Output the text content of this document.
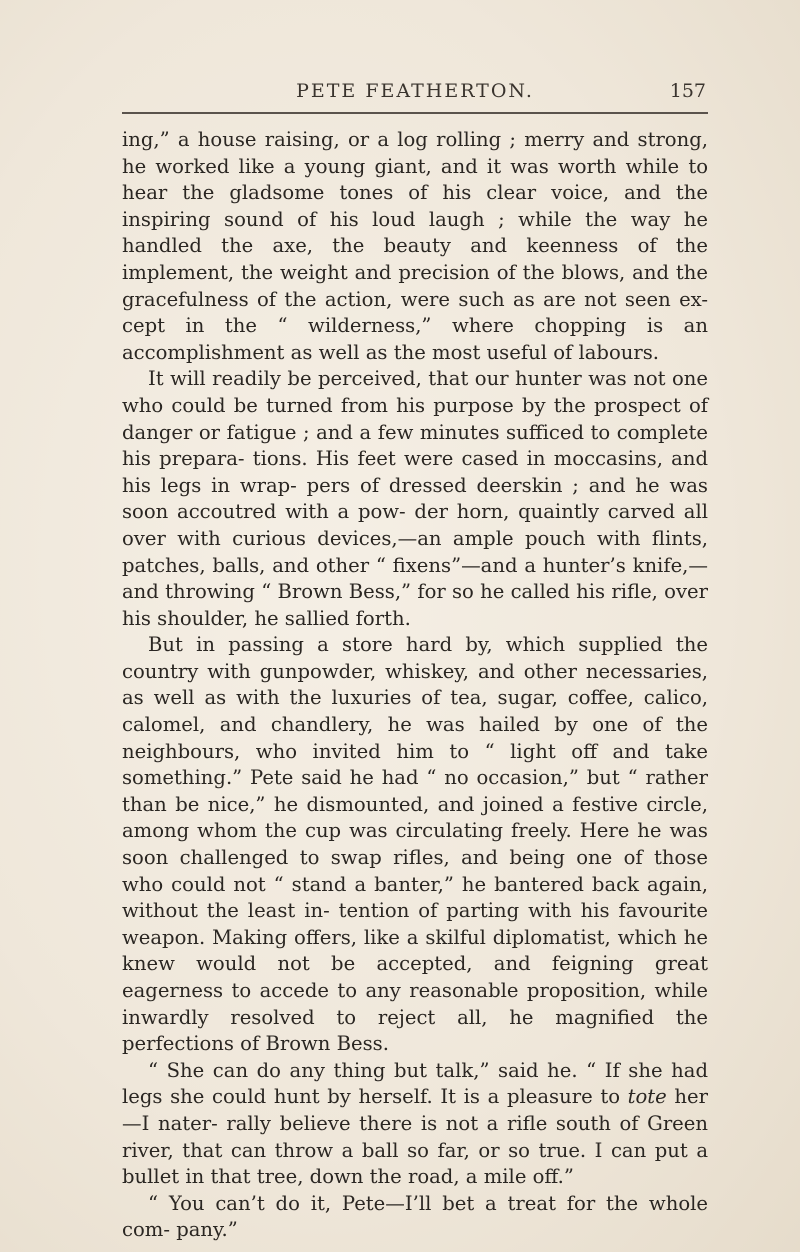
PETE FEATHERTON.	157

ing,” a house raising, or a log rolling ; merry and strong, he worked like a young giant, and it was worth while to hear the gladsome tones of his clear voice, and the inspiring sound of his loud laugh ; while the way he handled the axe, the beauty and keenness of the implement, the weight and precision of the blows, and the gracefulness of the action, were such as are not seen ex- cept in the “ wilderness,” where chopping is an accomplishment as well as the most useful of labours.

It will readily be perceived, that our hunter was not one who could be turned from his purpose by the prospect of danger or fatigue ; and a few minutes sufficed to complete his prepara- tions. His feet were cased in moccasins, and his legs in wrap- pers of dressed deerskin ; and he was soon accoutred with a pow- der horn, quaintly carved all over with curious devices,—an ample pouch with flints, patches, balls, and other “ fixens”—and a hunter’s knife,—and throwing “ Brown Bess,” for so he called his rifle, over his shoulder, he sallied forth.

But in passing a store hard by, which supplied the country with gunpowder, whiskey, and other necessaries, as well as with the luxuries of tea, sugar, coffee, calico, calomel, and chandlery, he was hailed by one of the neighbours, who invited him to “ light off and take something.” Pete said he had “ no occasion,” but “ rather than be nice,” he dismounted, and joined a festive circle, among whom the cup was circulating freely. Here he was soon challenged to swap rifles, and being one of those who could not “ stand a banter,” he bantered back again, without the least in- tention of parting with his favourite weapon. Making offers, like a skilful diplomatist, which he knew would not be accepted, and feigning great eagerness to accede to any reasonable proposition, while inwardly resolved to reject all, he magnified the perfections of Brown Bess.

“ She can do any thing but talk,” said he. “ If she had legs she could hunt by herself. It is a pleasure to tote her—I nater- rally believe there is not a rifle south of Green river, that can throw a ball so far, or so true. I can put a bullet in that tree, down the road, a mile off.”

“ You can’t do it, Pete—I’ll bet a treat for the whole com- pany.”
